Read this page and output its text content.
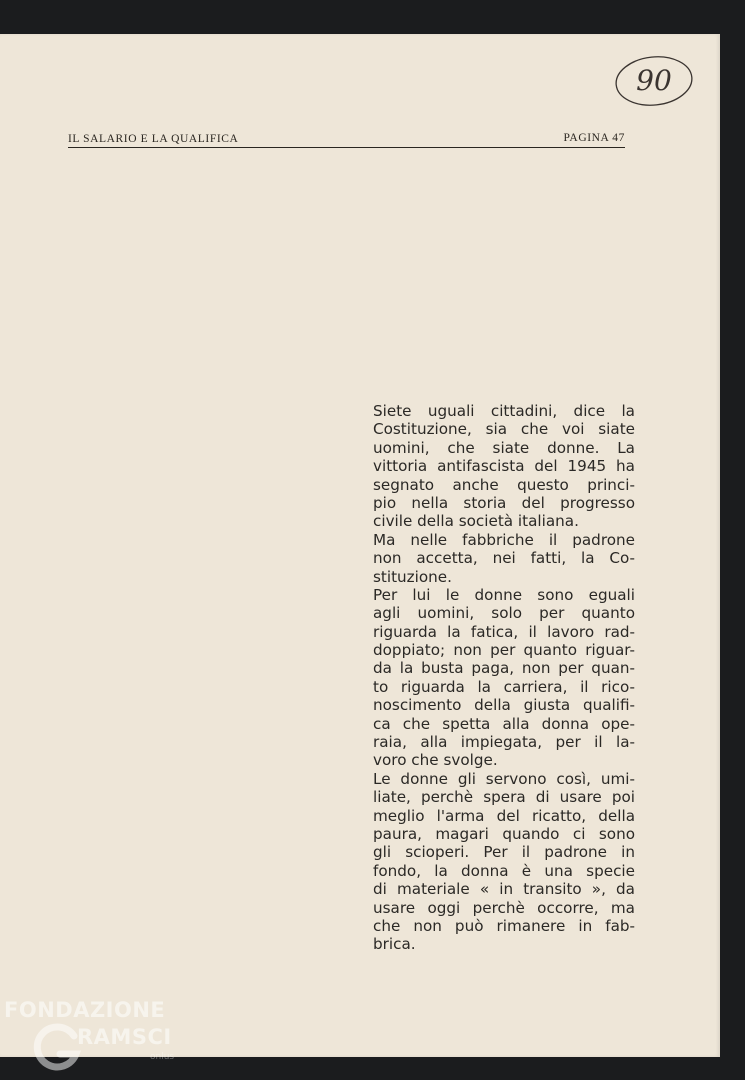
90
IL SALARIO E LA QUALIFICA	PAGINA 47
Siete uguali cittadini, dice la
Costituzione, sia che voi siate
uomini, che siate donne. La
vittoria antifascista del 1945 ha
segnato anche questo princi-
pio nella storia del progresso
civile della società italiana.
Ma nelle fabbriche il padrone
non accetta, nei fatti, la Co-
stituzione.
Per lui le donne sono eguali
agli uomini, solo per quanto
riguarda la fatica, il lavoro rad-
doppiato; non per quanto riguar-
da la busta paga, non per quan-
to riguarda la carriera, il rico-
noscimento della giusta qualifi-
ca che spetta alla donna ope-
raia, alla impiegata, per il la-
voro che svolge.
Le donne gli servono così, umi-
liate, perchè spera di usare poi
meglio l'arma del ricatto, della
paura, magari quando ci sono
gli scioperi. Per il padrone in
fondo, la donna è una specie
di materiale « in transito », da
usare oggi perchè occorre, ma
che non può rimanere in fab-
brica.
FONDAZIONE
RAMSCI
onlus
